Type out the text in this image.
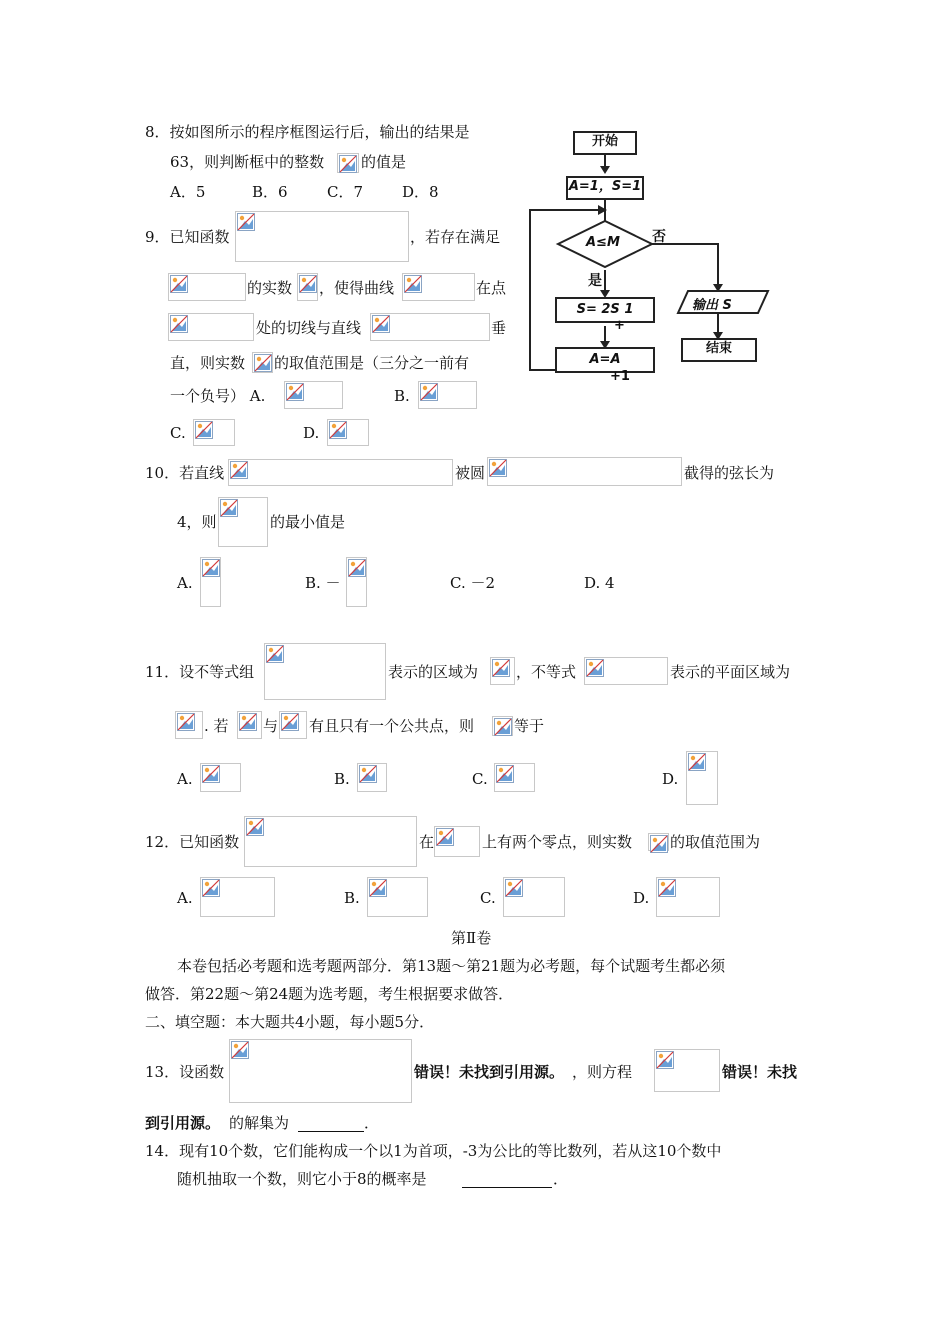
8．按如图所示的程序框图运行后，输出的结果是
63，则判断框中的整数 的值是
A．5	B．6	C．7	D．8
9．已知函数	，若存在满足
的实数 ，使得曲线	在点
处的切线与直线	垂
直，则实数 的取值范围是（三分之一前有
一个负号） A.	B.
C.	D.
开始
A=1，S=1
A≤M 否
是
S= 2S 1
+
A=A
+1
输出 S
结束
10．若直线	被圆	截得的弦长为
4，则	的最小值是
A.	B. －	C. －2	D. 4
11．设不等式组	表示的区域为	，不等式	表示的平面区域为
. 若 与 有且只有一个公共点，则	等于
A.	B.	C.	D.
12．已知函数	在	上有两个零点，则实数	的取值范围为
A.	B.	C.	D.
第Ⅱ卷
本卷包括必考题和选考题两部分．第13题～第21题为必考题，每个试题考生都必须
做答．第22题～第24题为选考题，考生根据要求做答．
二、填空题：本大题共4小题，每小题5分．
13．设函数	错误！未找到引用源。 ，则方程	错误！未找
到引用源。 的解集为	．
14．现有10个数，它们能构成一个以1为首项，-3为公比的等比数列，若从这10个数中
随机抽取一个数，则它小于8的概率是	．
